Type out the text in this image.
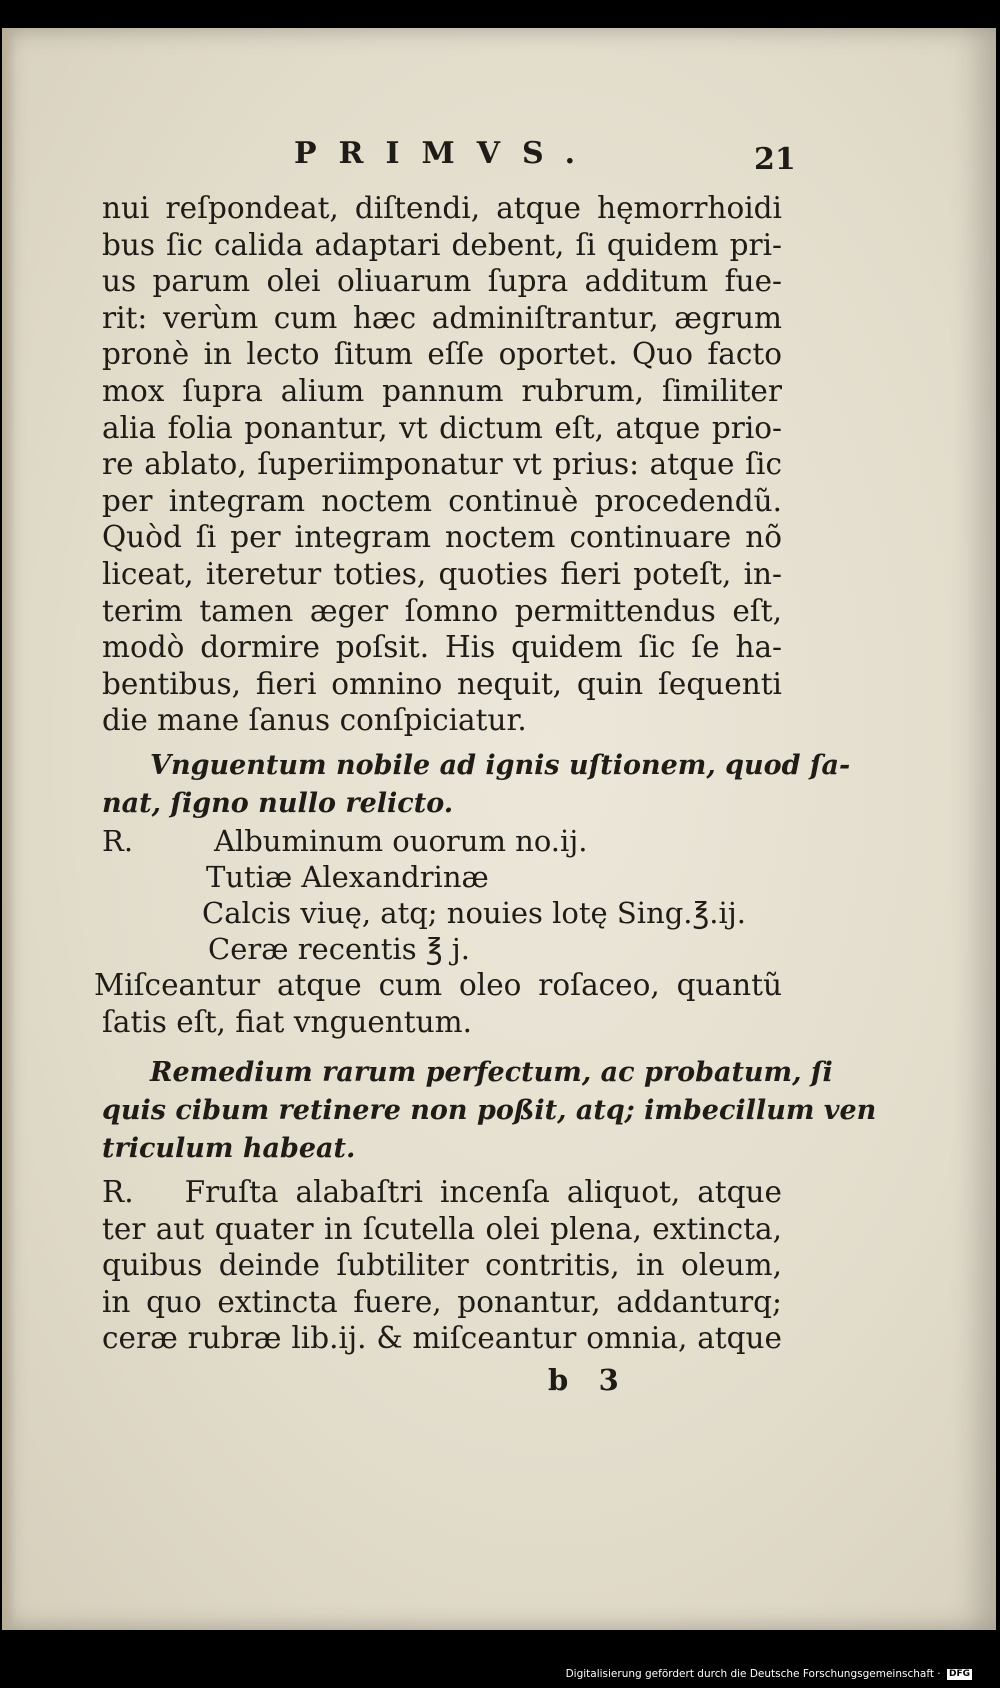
PRIMVS.	21
nui reſpondeat, diſtendi, atque hęmorrhoidi
bus ſic calida adaptari debent, ſi quidem pri-
us parum olei oliuarum ſupra additum fue-
rit: verùm cum hæc adminiſtrantur, ægrum
pronè in lecto ſitum eſſe oportet. Quo facto
mox ſupra alium pannum rubrum, ſimiliter
alia folia ponantur, vt dictum eſt, atque prio-
re ablato, ſuperiimponatur vt prius: atque ſic
per integram noctem continuè procedendũ.
Quòd ſi per integram noctem continuare nõ
liceat, iteretur toties, quoties fieri poteſt, in-
terim tamen æger ſomno permittendus eſt,
modò dormire poſsit. His quidem ſic ſe ha-
bentibus, fieri omnino nequit, quin ſequenti
die mane ſanus conſpiciatur.
Vnguentum nobile ad ignis uſtionem, quod ſa-
nat, ſigno nullo relicto.
R.	Albuminum ouorum no.ij.
Tutiæ Alexandrinæ
Calcis viuę, atq; nouies lotę Sing.℥.ij.
Ceræ recentis ℥ j.
Miſceantur atque cum oleo roſaceo, quantũ
ſatis eſt, fiat vnguentum.
Remedium rarum perfectum, ac probatum, ſi
quis cibum retinere non poßit, atq; imbecillum ven
triculum habeat.
R.   Fruſta alabaſtri incenſa aliquot, atque
ter aut quater in ſcutella olei plena, extincta,
quibus deinde ſubtiliter contritis, in oleum,
in quo extincta fuere, ponantur, addanturq;
ceræ rubræ lib.ij. & miſceantur omnia, atque
b   3
Digitalisierung gefördert durch die Deutsche Forschungsgemeinschaft · DFG
